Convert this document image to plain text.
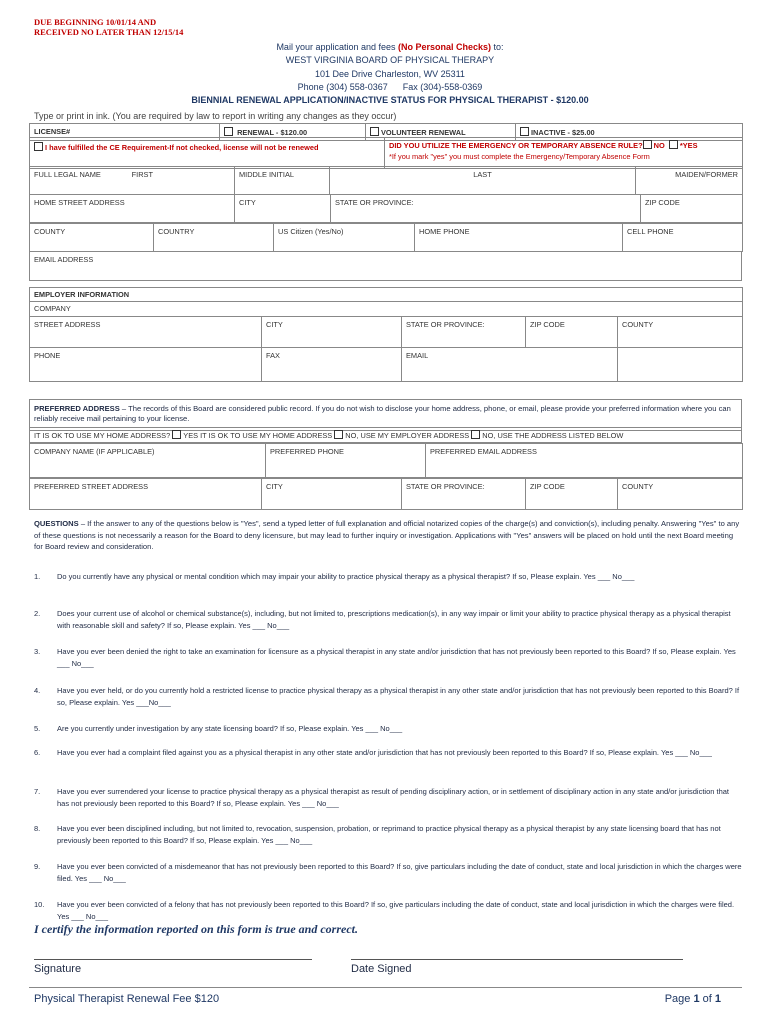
DUE BEGINNING 10/01/14 AND
RECEIVED NO LATER THAN 12/15/14
Mail your application and fees (No Personal Checks) to:
WEST VIRGINIA BOARD OF PHYSICAL THERAPY
101 Dee Drive Charleston, WV 25311
Phone (304) 558-0367 Fax (304)-558-0369
BIENNIAL RENEWAL APPLICATION/INACTIVE STATUS FOR PHYSICAL THERAPIST - $120.00
Type or print in ink. (You are required by law to report in writing any changes as they occur)
LICENSE#	RENEWAL - $120.00	VOLUNTEER RENEWAL	INACTIVE - $25.00
I have fulfilled the CE Requirement-If not checked, license will not be renewed	DID YOU UTILIZE THE EMERGENCY OR TEMPORARY ABSENCE RULE? NO *YES
*If you mark "yes" you must complete the Emergency/Temporary Absence Form
FULL LEGAL NAME	FIRST	MIDDLE INITIAL	LAST	MAIDEN/FORMER
HOME STREET ADDRESS	CITY	STATE OR PROVINCE:	ZIP CODE
COUNTY	COUNTRY	US Citizen (Yes/No)	HOME PHONE	CELL PHONE
EMAIL ADDRESS
EMPLOYER INFORMATION				
COMPANY				
STREET ADDRESS	CITY	STATE OR PROVINCE:	ZIP CODE	COUNTY
PHONE	FAX	EMAIL		
PREFERRED ADDRESS – The records of this Board are considered public record. If you do not wish to disclose your home address, phone, or email, please provide your preferred information where you can reliably receive mail pertaining to your license.
IT IS OK TO USE MY HOME ADDRESS? YES IT IS OK TO USE MY HOME ADDRESS NO, USE MY EMPLOYER ADDRESS NO, USE THE ADDRESS LISTED BELOW
COMPANY NAME (IF APPLICABLE)	PREFERRED PHONE	PREFERRED EMAIL ADDRESS
PREFERRED STREET ADDRESS	CITY	STATE OR PROVINCE:	ZIP CODE	COUNTY
QUESTIONS – If the answer to any of the questions below is "Yes", send a typed letter of full explanation and official notarized copies of the charge(s) and conviction(s), including penalty. Answering "Yes" to any of these questions is not necessarily a reason for the Board to deny licensure, but may lead to further inquiry or investigation. Applications with "Yes" answers will be placed on hold until the next Board meeting for Board review and consideration.
1. Do you currently have any physical or mental condition which may impair your ability to practice physical therapy as a physical therapist? If so, Please explain. Yes ___ No___
2. Does your current use of alcohol or chemical substance(s), including, but not limited to, prescriptions medication(s), in any way impair or limit your ability to practice physical therapy as a physical therapist with reasonable skill and safety? If so, Please explain. Yes ___ No___
3. Have you ever been denied the right to take an examination for licensure as a physical therapist in any state and/or jurisdiction that has not previously been reported to this Board? If so, Please explain. Yes ___ No___
4. Have you ever held, or do you currently hold a restricted license to practice physical therapy as a physical therapist in any other state and/or jurisdiction that has not previously been reported to this Board? If so, Please explain. Yes ___No___
5. Are you currently under investigation by any state licensing board? If so, Please explain. Yes ___ No___
6. Have you ever had a complaint filed against you as a physical therapist in any other state and/or jurisdiction that has not previously been reported to this Board? If so, Please explain. Yes ___ No___
7. Have you ever surrendered your license to practice physical therapy as a physical therapist as result of pending disciplinary action, or in settlement of disciplinary action in any state and/or jurisdiction that has not previously been reported to this Board? If so, Please explain. Yes ___ No___
8. Have you ever been disciplined including, but not limited to, revocation, suspension, probation, or reprimand to practice physical therapy as a physical therapist by any state licensing board that has not previously been reported to this Board? If so, Please explain. Yes ___ No___
9. Have you ever been convicted of a misdemeanor that has not previously been reported to this Board? If so, give particulars including the date of conduct, state and local jurisdiction in which the charges were filed. Yes ___ No___
10. Have you ever been convicted of a felony that has not previously been reported to this Board? If so, give particulars including the date of conduct, state and local jurisdiction in which the charges were filed. Yes ___ No___
I certify the information reported on this form is true and correct.
Signature	Date Signed
Physical Therapist Renewal Fee $120	Page 1 of 1
